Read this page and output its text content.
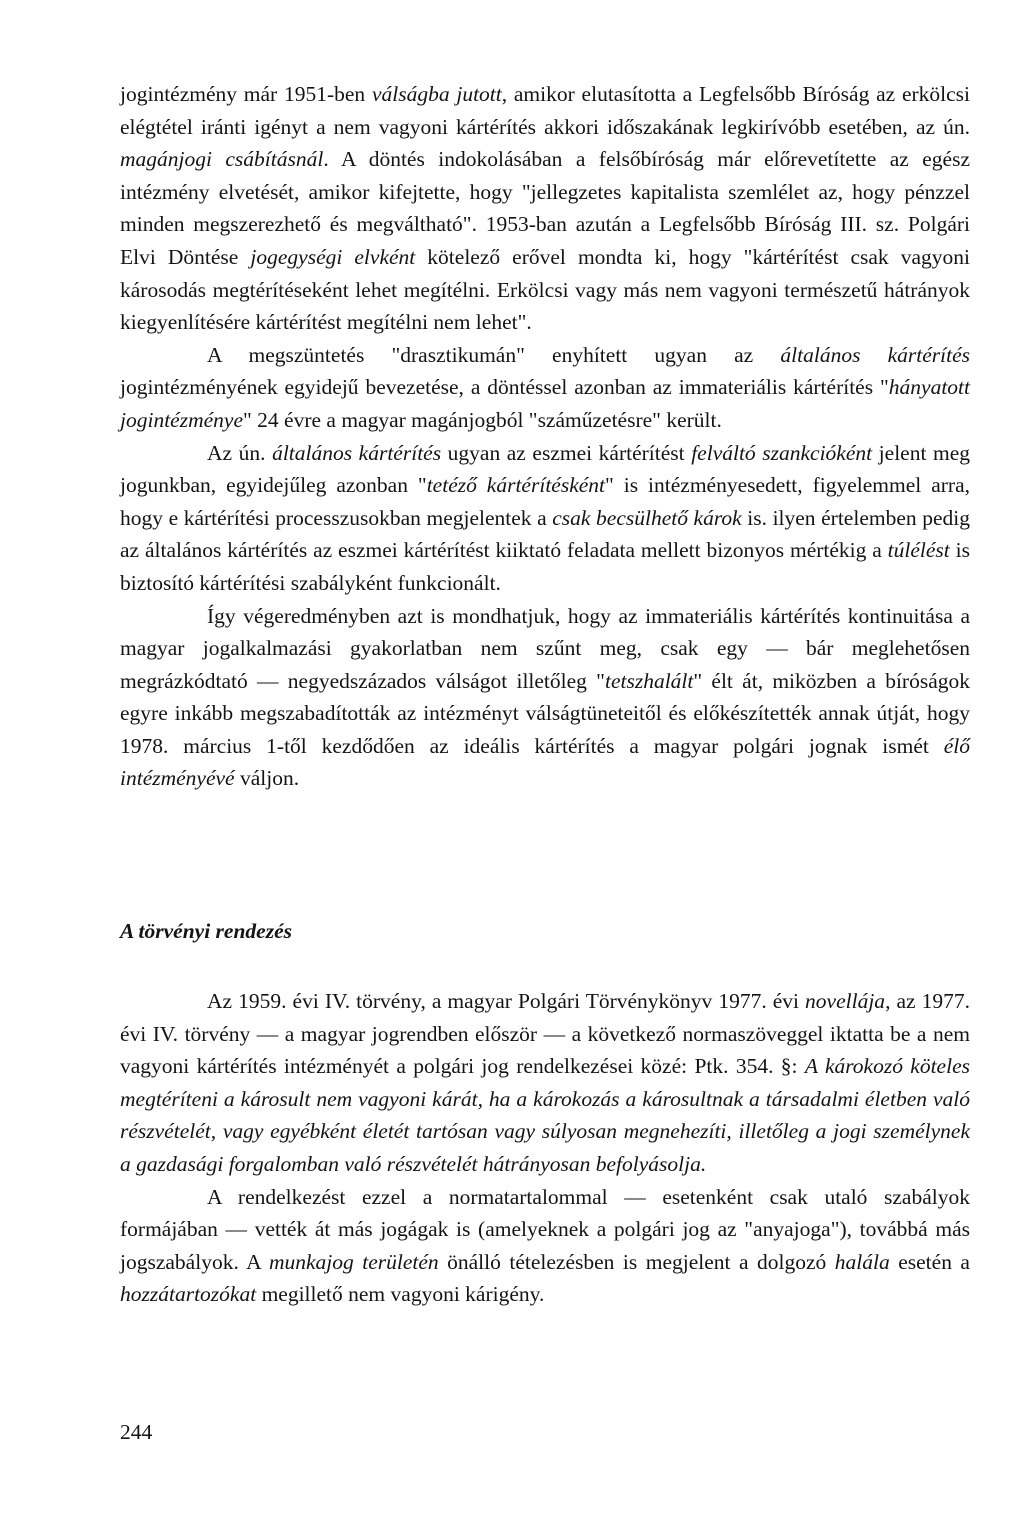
jogintézmény már 1951-ben válságba jutott, amikor elutasította a Legfelsőbb Bíróság az erkölcsi elégtétel iránti igényt a nem vagyoni kártérítés akkori időszakának legkirívóbb esetében, az ún. magánjogi csábításnál. A döntés indokolásában a felsőbíróság már előrevetítette az egész intézmény elvetését, amikor kifejtette, hogy "jellegzetes kapitalista szemlélet az, hogy pénzzel minden megszerezhető és megváltható". 1953-ban azután a Legfelsőbb Bíróság III. sz. Polgári Elvi Döntése jogegységi elvként kötelező erővel mondta ki, hogy "kártérítést csak vagyoni károsodás megtérítéseként lehet megítélni. Erkölcsi vagy más nem vagyoni természetű hátrányok kiegyenlítésére kártérítést megítélni nem lehet".

A megszüntetés "drasztikumán" enyhített ugyan az általános kártérítés jogintézményének egyidejű bevezetése, a döntéssel azonban az immateriális kártérítés "hányatott jogintézménye" 24 évre a magyar magánjogból "száműzetésre" került.

Az ún. általános kártérítés ugyan az eszmei kártérítést felváltó szankcióként jelent meg jogunkban, egyidejűleg azonban "tetéző kártérítésként" is intézményesedett, figyelemmel arra, hogy e kártérítési processzusokban megjelentek a csak becsülhető károk is. ilyen értelemben pedig az általános kártérítés az eszmei kártérítést kiiktató feladata mellett bizonyos mértékig a túlélést is biztosító kártérítési szabályként funkcionált.

Így végeredményben azt is mondhatjuk, hogy az immateriális kártérítés kontinuitása a magyar jogalkalmazási gyakorlatban nem szűnt meg, csak egy — bár meglehetősen megrázkódtató — negyedszázados válságot illetőleg "tetszhalált" élt át, miközben a bíróságok egyre inkább megszabadították az intézményt válságtüneteitől és előkészítették annak útját, hogy 1978. március 1-től kezdődően az ideális kártérítés a magyar polgári jognak ismét élő intézményévé váljon.

A törvényi rendezés

Az 1959. évi IV. törvény, a magyar Polgári Törvénykönyv 1977. évi novellája, az 1977. évi IV. törvény — a magyar jogrendben először — a következő normaszöveggel iktatta be a nem vagyoni kártérítés intézményét a polgári jog rendelkezései közé: Ptk. 354. §: A károkozó köteles megtéríteni a károsult nem vagyoni kárát, ha a károkozás a károsultnak a társadalmi életben való részvételét, vagy egyébként életét tartósan vagy súlyosan megnehezíti, illetőleg a jogi személynek a gazdasági forgalomban való részvételét hátrányosan befolyásolja.

A rendelkezést ezzel a normatartalommal — esetenként csak utaló szabályok formájában — vették át más jogágak is (amelyeknek a polgári jog az "anyajoga"), továbbá más jogszabályok. A munkajog területén önálló tételezésben is megjelent a dolgozó halála esetén a hozzátartozókat megillető nem vagyoni kárigény.

244
